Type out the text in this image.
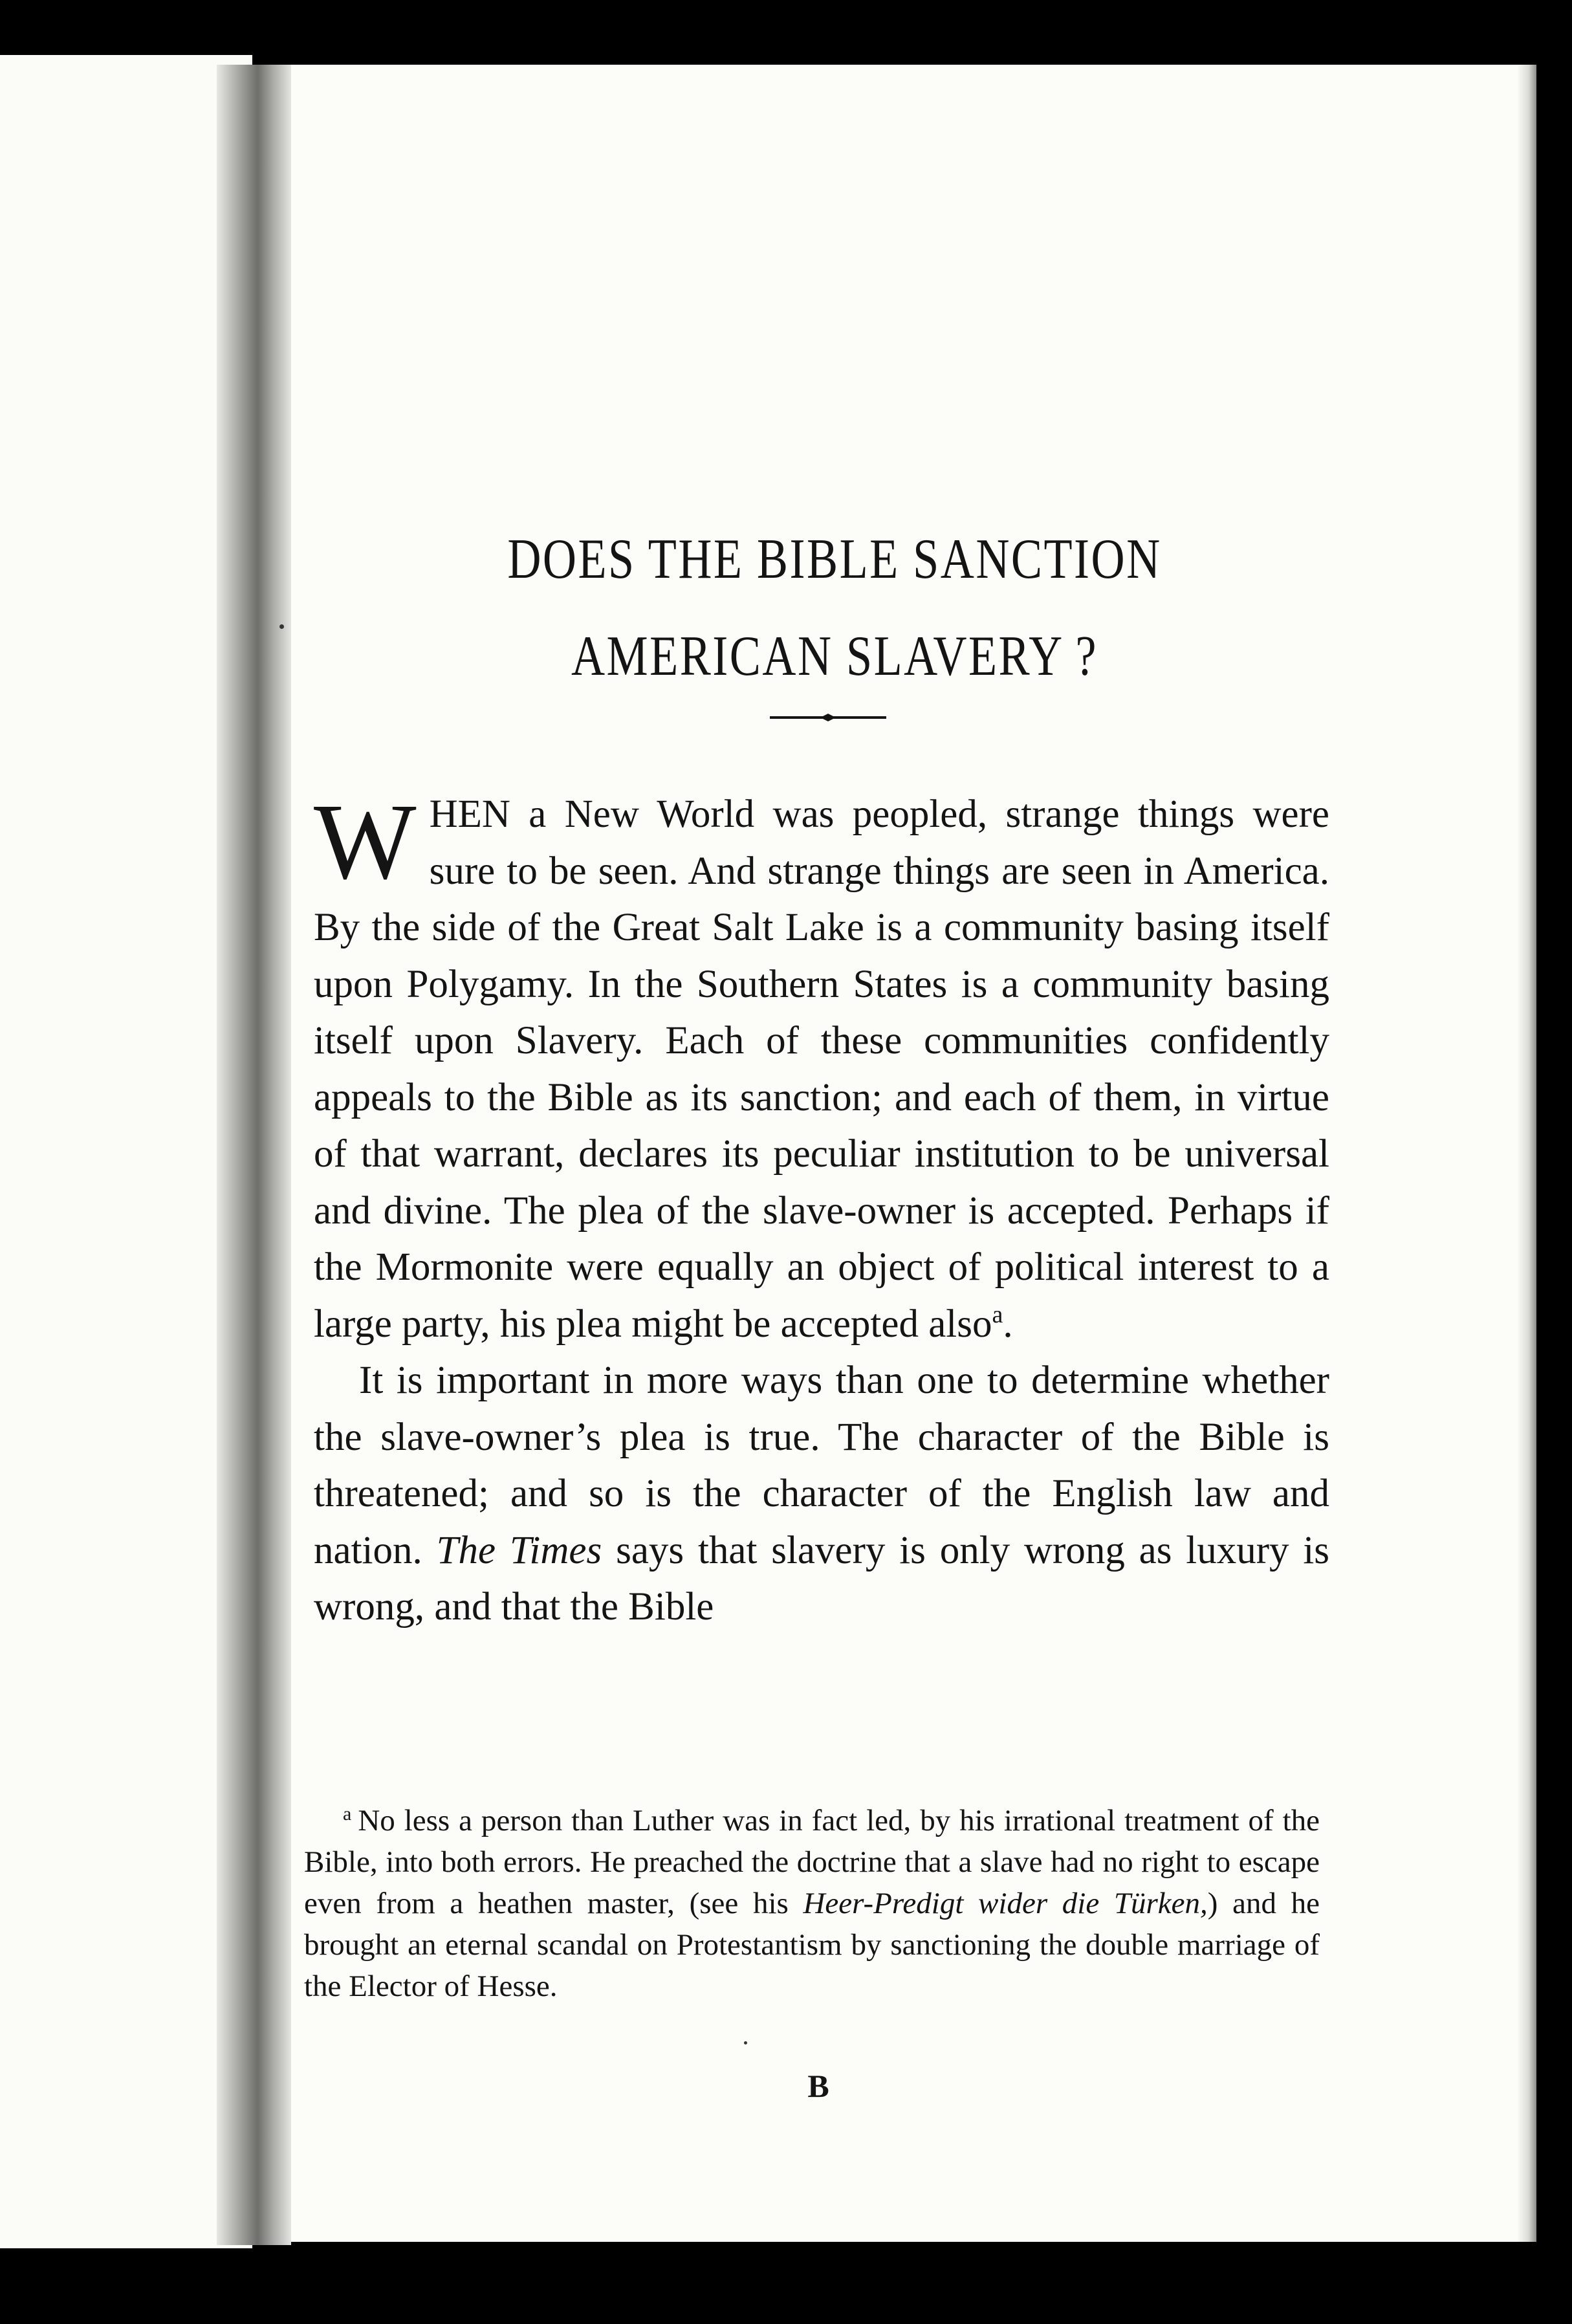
DOES THE BIBLE SANCTION AMERICAN SLAVERY ?

WHEN a New World was peopled, strange things were sure to be seen. And strange things are seen in America. By the side of the Great Salt Lake is a community basing itself upon Polygamy. In the Southern States is a community basing itself upon Slavery. Each of these communities confidently appeals to the Bible as its sanction; and each of them, in virtue of that warrant, declares its peculiar institution to be universal and divine. The plea of the slave-owner is accepted. Perhaps if the Mormonite were equally an object of political interest to a large party, his plea might be accepted also$^a$.

It is important in more ways than one to determine whether the slave-owner’s plea is true. The character of the Bible is threatened; and so is the character of the English law and nation. The Times says that slavery is only wrong as luxury is wrong, and that the Bible

$^a$ No less a person than Luther was in fact led, by his irrational treatment of the Bible, into both errors. He preached the doctrine that a slave had no right to escape even from a heathen master, (see his Heer-Predigt wider die Türken,) and he brought an eternal scandal on Protestantism by sanctioning the double marriage of the Elector of Hesse.
B
